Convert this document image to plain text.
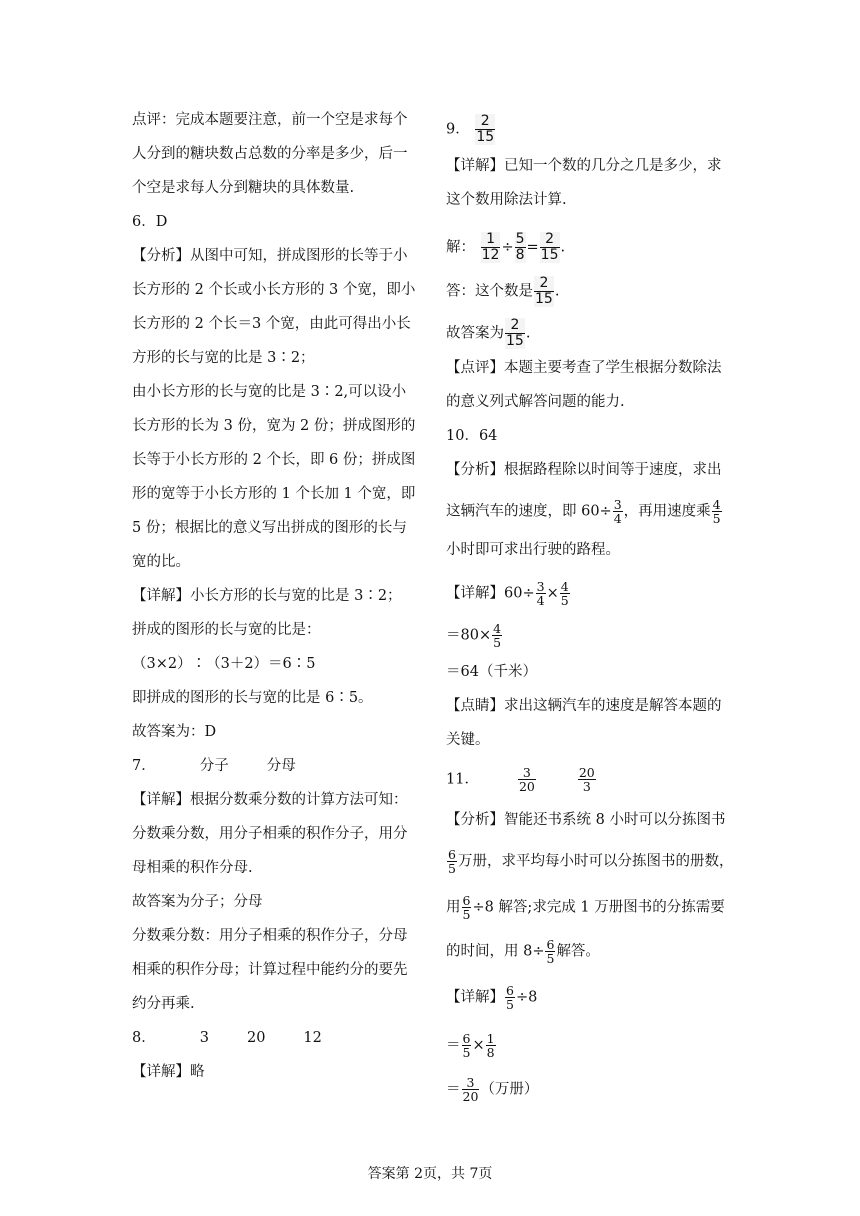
点评：完成本题要注意，前一个空是求每个
人分到的糖块数占总数的分率是多少，后一
个空是求每人分到糖块的具体数量.
6．D
【分析】从图中可知，拼成图形的长等于小
长方形的 2 个长或小长方形的 3 个宽，即小
长方形的 2 个长＝3 个宽，由此可得出小长
方形的长与宽的比是 3∶2；
由小长方形的长与宽的比是 3∶2,可以设小
长方形的长为 3 份，宽为 2 份；拼成图形的
长等于小长方形的 2 个长，即 6 份；拼成图
形的宽等于小长方形的 1 个长加 1 个宽，即
5 份；根据比的意义写出拼成的图形的长与
宽的比。
【详解】小长方形的长与宽的比是 3∶2；
拼成的图形的长与宽的比是：
（3×2）∶（3＋2）＝6∶5
即拼成的图形的长与宽的比是 6∶5。
故答案为：D
7．	分子	分母
【详解】根据分数乘分数的计算方法可知：
分数乘分数，用分子相乘的积作分子，用分
母相乘的积作分母.
故答案为分子；分母
分数乘分数：用分子相乘的积作分子，分母
相乘的积作分母；计算过程中能约分的要先
约分再乘.
8．	3	20	12
【详解】略
9． $\frac{2}{15}$
【详解】已知一个数的几分之几是多少，求
这个数用除法计算.
解： $\frac{1}{12} \div \frac{5}{8} = \frac{2}{15}$ .
答：这个数是 $\frac{2}{15}$ .
故答案为 $\frac{2}{15}$ .
【点评】本题主要考查了学生根据分数除法
的意义列式解答问题的能力.
10．64
【分析】根据路程除以时间等于速度，求出
这辆汽车的速度，即 $60\div \frac{3}{4}$ ，再用速度乘 $\frac{4}{5}$
小时即可求出行驶的路程。
【详解】$60\div \frac{3}{4} \times \frac{4}{5}$
$=80\times \frac{4}{5}$
＝64（千米）
【点睛】求出这辆汽车的速度是解答本题的
关键。
11．	$\frac{3}{20}$	$\frac{20}{3}$
【分析】智能还书系统 8 小时可以分拣图书
$\frac{6}{5}$ 万册，求平均每小时可以分拣图书的册数，
用 $\frac{6}{5} \div 8$ 解答;求完成 1 万册图书的分拣需要
的时间，用 $8\div \frac{6}{5}$ 解答。
【详解】 $\frac{6}{5} \div 8$
＝ $\frac{6}{5} \times \frac{1}{8}$
＝ $\frac{3}{20}$ （万册）
答案第 2页，共 7页
